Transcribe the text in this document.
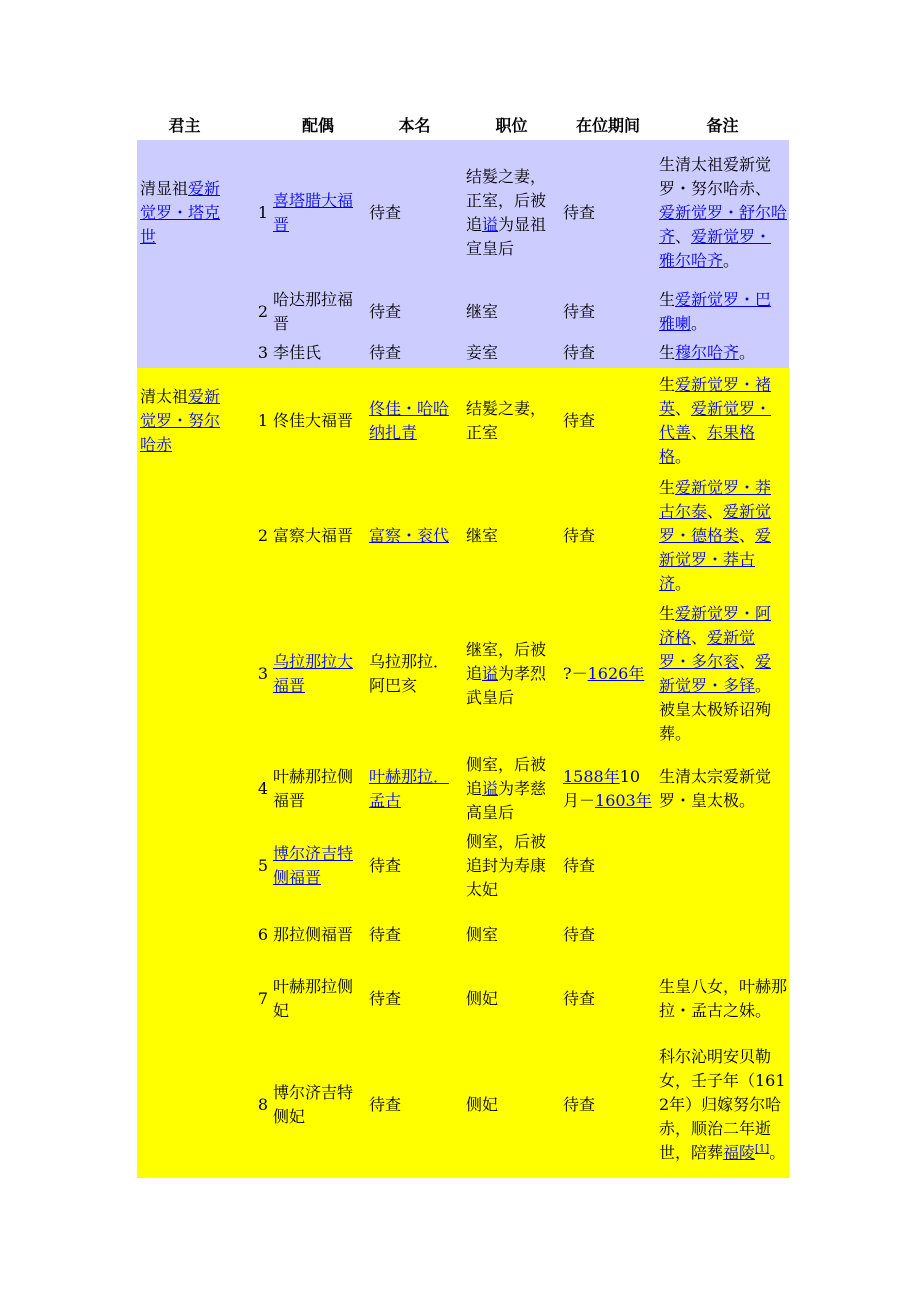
君主		配偶	本名	职位	在位期间	备注
清显祖爱新觉罗・塔克世	1	喜塔腊大福晋	待查	结髮之妻，正室，后被追谥为显祖宣皇后	待查	生清太祖爱新觉罗・努尔哈赤、爱新觉罗・舒尔哈齐、爱新觉罗・雅尔哈齐。
	2	哈达那拉福晋	待查	继室	待查	生爱新觉罗・巴雅喇。
	3	李佳氏	待查	妾室	待查	生穆尔哈齐。
清太祖爱新觉罗・努尔哈赤	1	佟佳大福晋	佟佳・哈哈纳扎青	结髮之妻，正室	待查	生爱新觉罗・褚英、爱新觉罗・代善、东果格格。
	2	富察大福晋	富察・衮代	继室	待查	生爱新觉罗・莽古尔泰、爱新觉罗・德格类、爱新觉罗・莽古济。
	3	乌拉那拉大福晋	乌拉那拉．阿巴亥	继室，后被追谥为孝烈武皇后	?－1626年	生爱新觉罗・阿济格、爱新觉罗・多尔衮、爱新觉罗・多铎。被皇太极矫诏殉葬。
	4	叶赫那拉侧福晋	叶赫那拉．孟古	侧室，后被追谥为孝慈高皇后	1588年10月－1603年	生清太宗爱新觉罗・皇太极。
	5	博尔济吉特侧福晋	待查	侧室，后被追封为寿康太妃	待查	
	6	那拉侧福晋	待查	侧室	待查	
	7	叶赫那拉侧妃	待查	侧妃	待查	生皇八女，叶赫那拉・孟古之妹。
	8	博尔济吉特侧妃	待查	侧妃	待查	科尔沁明安贝勒女，壬子年（1612年）归嫁努尔哈赤，顺治二年逝世，陪葬福陵[1]。
